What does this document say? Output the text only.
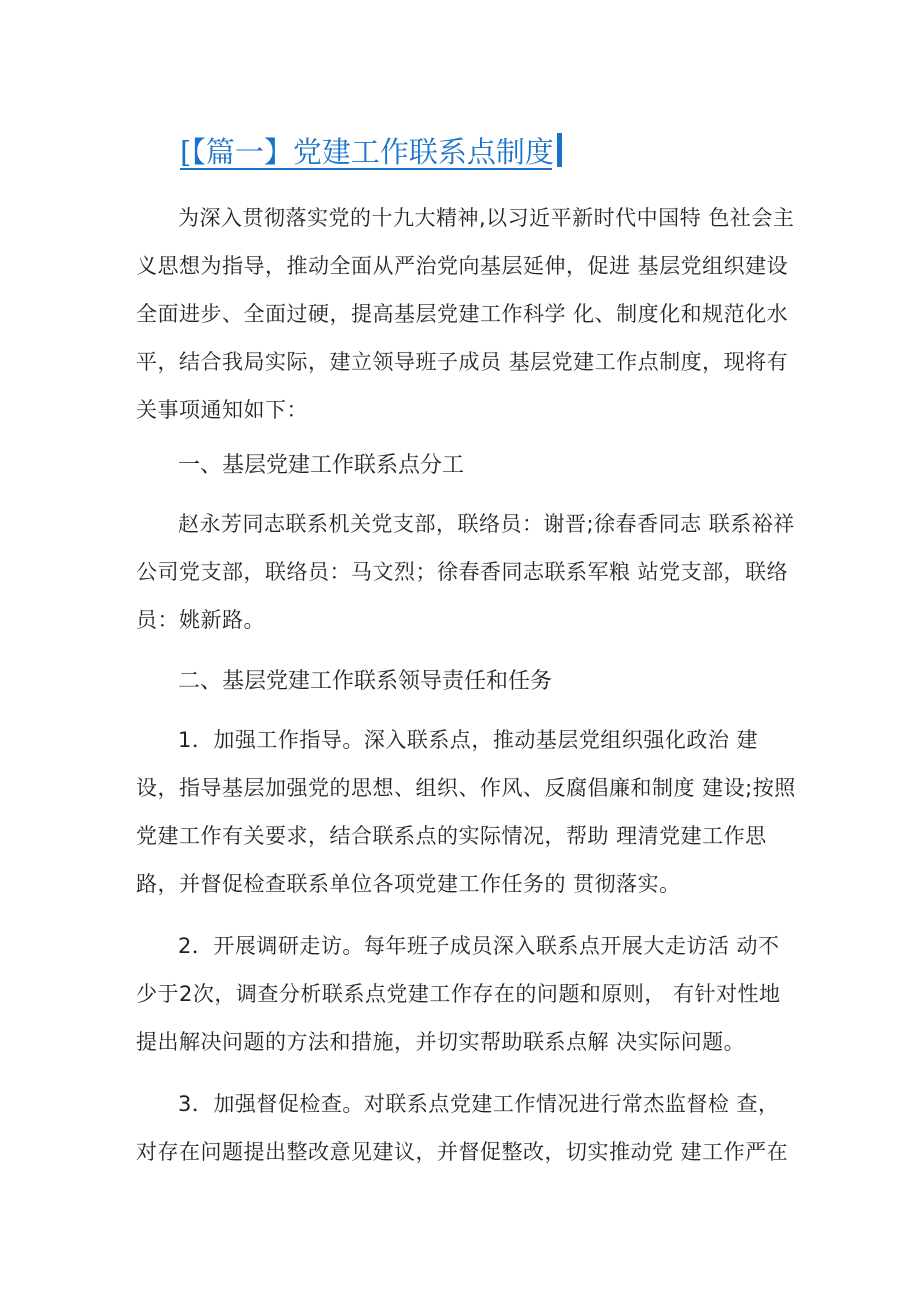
[【篇一】党建工作联系点制度
为深入贯彻落实党的十九大精神,以习近平新时代中国特 色社会主义思想为指导，推动全面从严治党向基层延伸，促进 基层党组织建设全面进步、全面过硬，提高基层党建工作科学 化、制度化和规范化水平，结合我局实际，建立领导班子成员 基层党建工作点制度，现将有关事项通知如下：
一、基层党建工作联系点分工
赵永芳同志联系机关党支部，联络员：谢晋;徐春香同志 联系裕祥公司党支部，联络员：马文烈；徐春香同志联系军粮 站党支部，联络员：姚新路。
二、基层党建工作联系领导责任和任务
1．加强工作指导。深入联系点，推动基层党组织强化政治 建设，指导基层加强党的思想、组织、作风、反腐倡廉和制度 建设;按照党建工作有关要求，结合联系点的实际情况，帮助 理清党建工作思路，并督促检查联系单位各项党建工作任务的 贯彻落实。
2．开展调研走访。每年班子成员深入联系点开展大走访活 动不少于2次，调查分析联系点党建工作存在的问题和原则， 有针对性地提出解决问题的方法和措施，并切实帮助联系点解 决实际问题。
3．加强督促检查。对联系点党建工作情况进行常杰监督检 查，对存在问题提出整改意见建议，并督促整改，切实推动党 建工作严在
